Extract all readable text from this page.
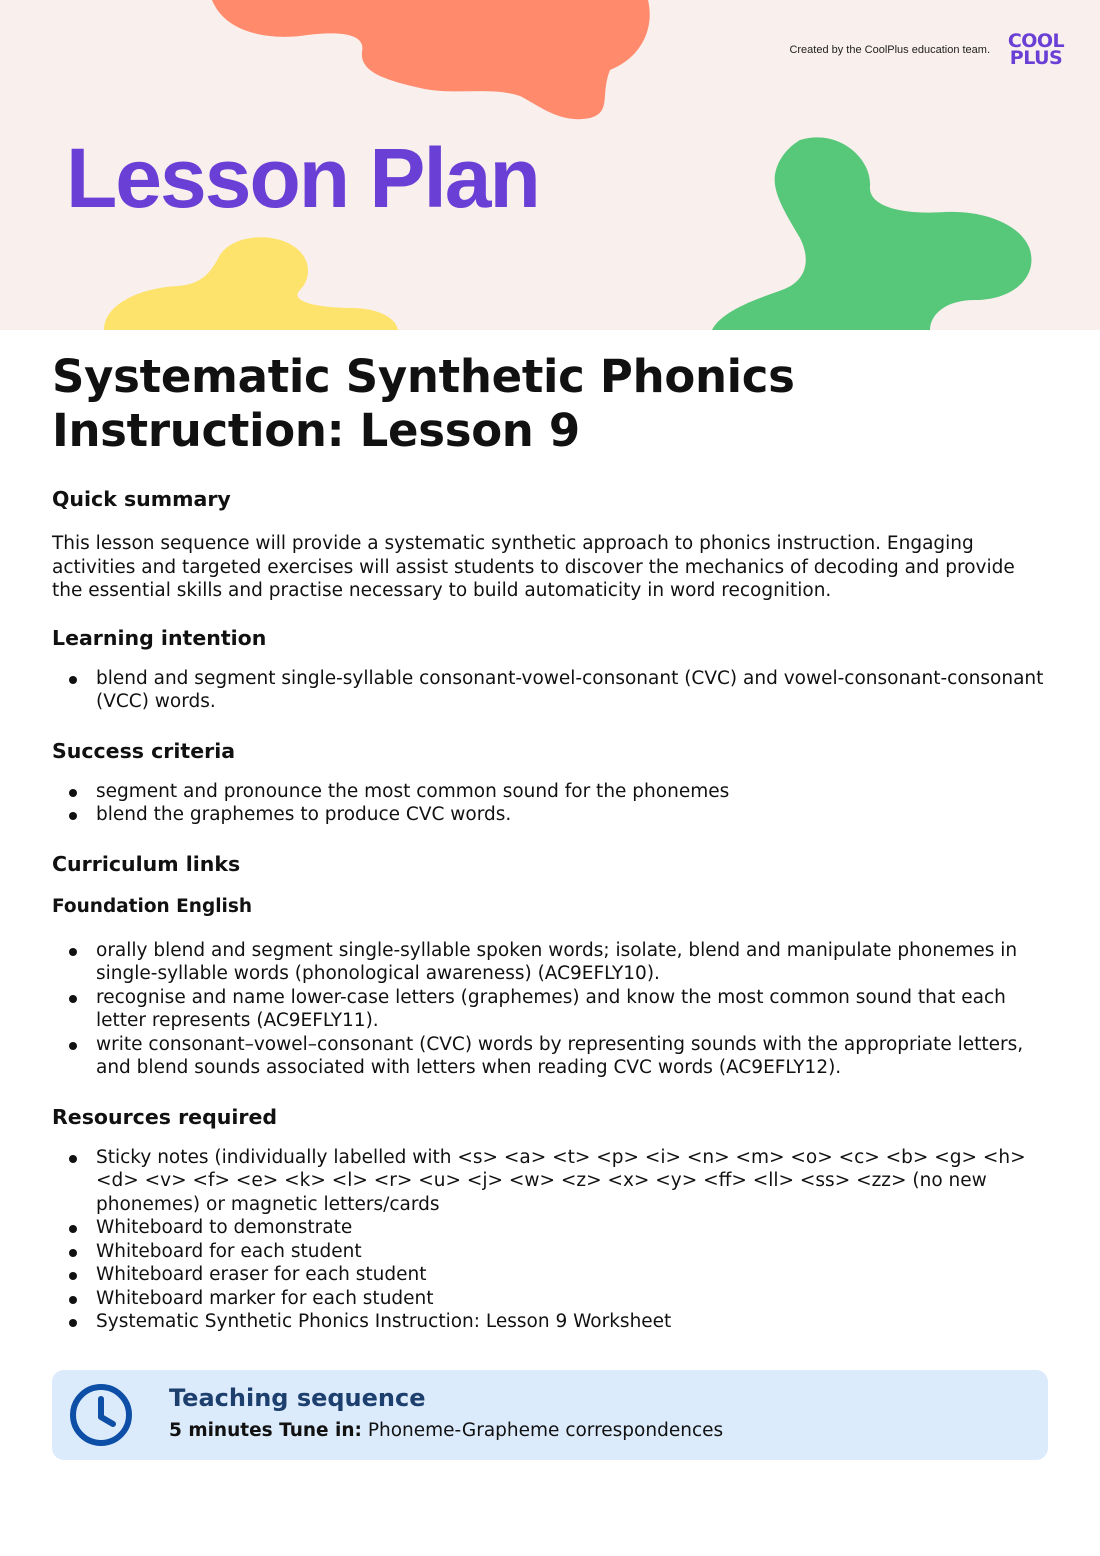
Created by the CoolPlus education team. COOL
PLUS
Lesson Plan
Systematic Synthetic Phonics Instruction: Lesson 9
Quick summary

This lesson sequence will provide a systematic synthetic approach to phonics instruction. Engaging activities and targeted exercises will assist students to discover the mechanics of decoding and provide the essential skills and practise necessary to build automaticity in word recognition.

Learning intention
blend and segment single-syllable consonant-vowel-consonant (CVC) and vowel-consonant-consonant (VCC) words.
Success criteria
segment and pronounce the most common sound for the phonemes
blend the graphemes to produce CVC words.
Curriculum links
Foundation English
orally blend and segment single-syllable spoken words; isolate, blend and manipulate phonemes in single-syllable words (phonological awareness) (AC9EFLY10).
recognise and name lower-case letters (graphemes) and know the most common sound that each letter represents (AC9EFLY11).
write consonant–vowel–consonant (CVC) words by representing sounds with the appropriate letters, and blend sounds associated with letters when reading CVC words (AC9EFLY12).
Resources required
Sticky notes (individually labelled with <s> <a> <t> <p> <i> <n> <m> <o> <c> <b> <g> <h> <d> <v> <f> <e> <k> <l> <r> <u> <j> <w> <z> <x> <y> <ff> <ll> <ss> <zz> (no new phonemes) or magnetic letters/cards
Whiteboard to demonstrate
Whiteboard for each student
Whiteboard eraser for each student
Whiteboard marker for each student
Systematic Synthetic Phonics Instruction: Lesson 9 Worksheet
Teaching sequence
5 minutes Tune in: Phoneme-Grapheme correspondences
